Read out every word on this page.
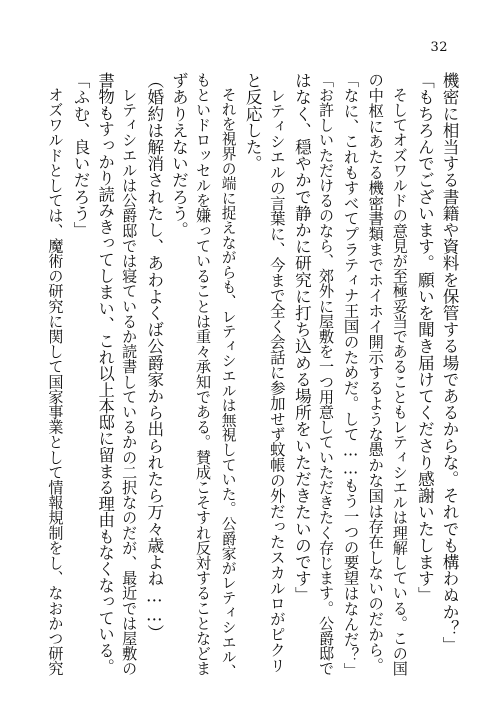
32
機密に相当する書籍や資料を保管する場であるからな。それでも構わぬか？」
「もちろんでございます。願いを聞き届けてくださり感謝いたします」
　そしてオズワルドの意見が至極妥当であることもレティシエルは理解している。この国
の中枢にあたる機密書類までホイホイ開示するような愚かな国は存在しないのだから。
「なに、これもすべてプラティナ王国のためだ。して……もう一つの要望はなんだ？」
「お許しいただけるのなら、郊外に屋敷を一つ用意していただきたく存じます。公爵邸で
はなく、穏やかで静かに研究に打ち込める場所をいただきたいのです」
　レティシエルの言葉に、今まで全く会話に参加せず蚊帳の外だったスカルロがピクリ
と反応した。
　それを視界の端に捉えながらも、レティシエルは無視していた。公爵家がレティシエル、
もといドロッセルを嫌っていることは重々承知である。賛成こそすれ反対することなどま
ずありえないだろう。
（婚約は解消されたし、あわよくば公爵家から出られたら万々歳よね……）
　レティシエルは公爵邸では寝ているか読書しているかの二択なのだが、最近では屋敷の
書物もすっかり読みきってしまい、これ以上本邸に留まる理由もなくなっている。
「ふむ、良いだろう」
　オズワルドとしては、魔術の研究に関して国家事業として情報規制をし、なおかつ研究
